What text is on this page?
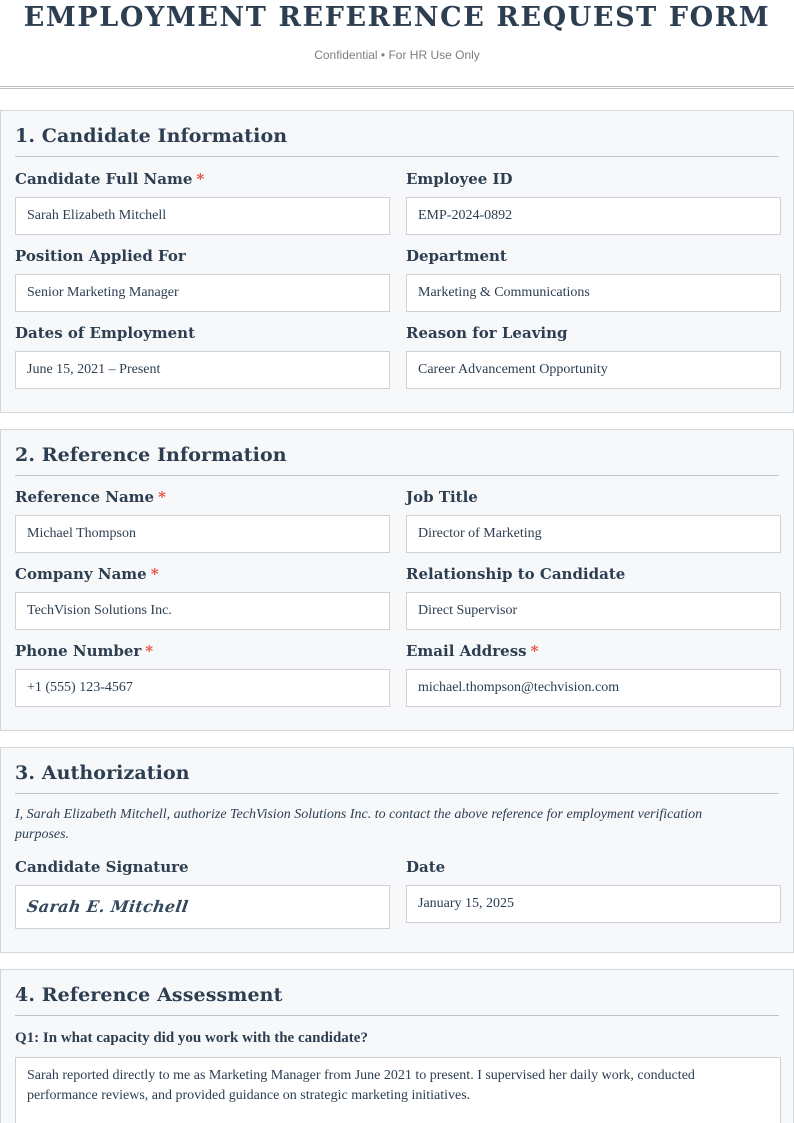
EMPLOYMENT REFERENCE REQUEST FORM
Confidential • For HR Use Only
1. Candidate Information
Candidate Full Name *
Sarah Elizabeth Mitchell
Employee ID
EMP-2024-0892
Position Applied For
Senior Marketing Manager
Department
Marketing & Communications
Dates of Employment
June 15, 2021 – Present
Reason for Leaving
Career Advancement Opportunity
2. Reference Information
Reference Name *
Michael Thompson
Job Title
Director of Marketing
Company Name *
TechVision Solutions Inc.
Relationship to Candidate
Direct Supervisor
Phone Number *
+1 (555) 123-4567
Email Address *
michael.thompson@techvision.com
3. Authorization
I, Sarah Elizabeth Mitchell, authorize TechVision Solutions Inc. to contact the above reference for employment verification purposes.
Candidate Signature
Sarah E. Mitchell
Date
January 15, 2025
4. Reference Assessment
Q1: In what capacity did you work with the candidate?
Sarah reported directly to me as Marketing Manager from June 2021 to present. I supervised her daily work, conducted performance reviews, and provided guidance on strategic marketing initiatives.
